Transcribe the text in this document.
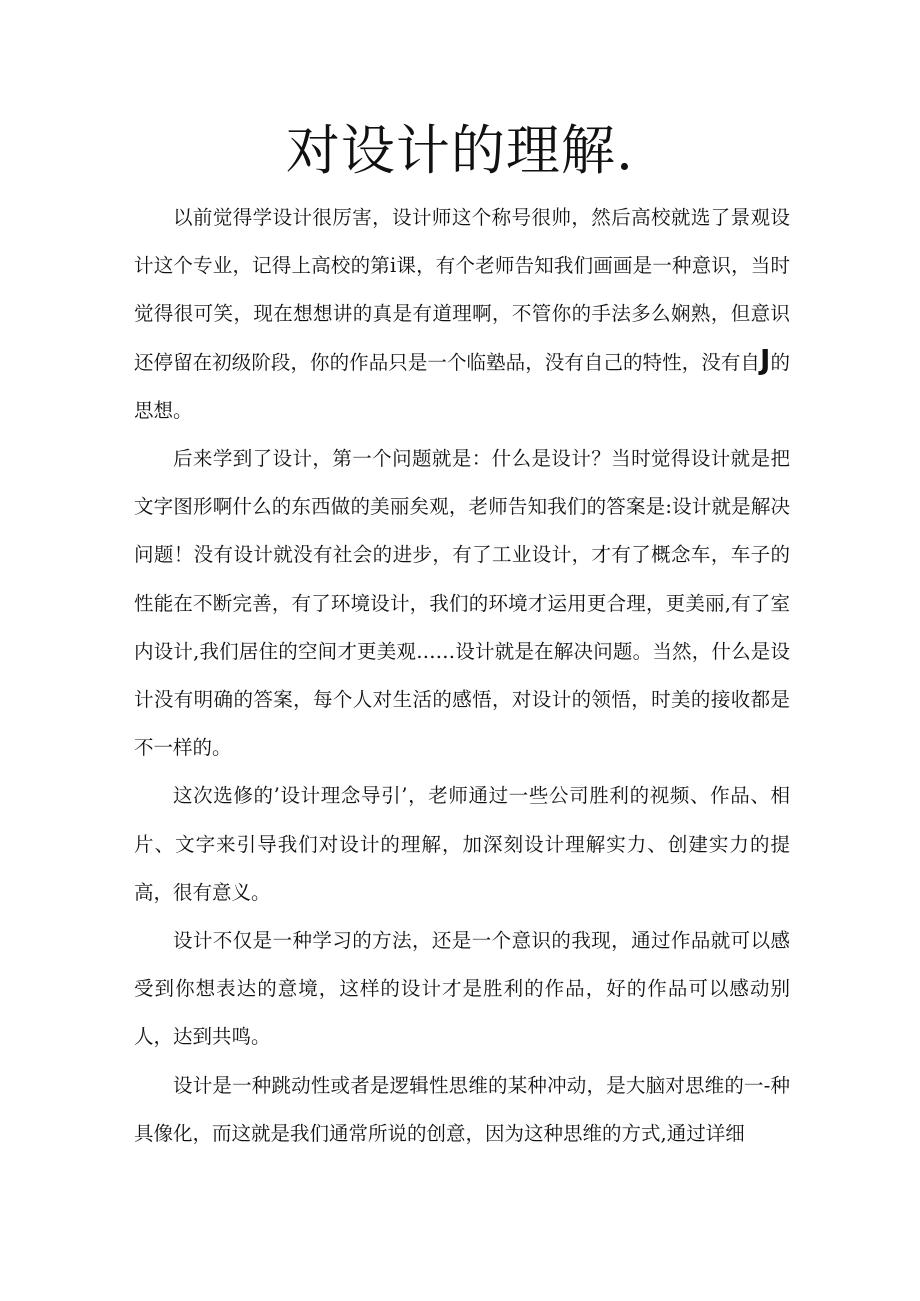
对设计的理解.

以前觉得学设计很厉害，设计师这个称号很帅，然后高校就选了景观设计这个专业，记得上高校的第i课，有个老师告知我们画画是一种意识，当时觉得很可笑，现在想想讲的真是有道理啊，不管你的手法多么娴熟，但意识还停留在初级阶段，你的作品只是一个临塾品，没有自己的特性，没有自J的思想。

后来学到了设计，第一个问题就是：什么是设计？当时觉得设计就是把文字图形啊什么的东西做的美丽矣观，老师告知我们的答案是:设计就是解决问题！没有设计就没有社会的进步，有了工业设计，才有了概念车，车子的性能在不断完善，有了环境设计，我们的环境才运用更合理，更美丽,有了室内设计,我们居住的空间才更美观……设计就是在解决问题。当然，什么是设计没有明确的答案，每个人对生活的感悟，对设计的领悟，时美的接收都是不一样的。

这次选修的’设计理念导引’，老师通过一些公司胜利的视频、作品、相片、文字来引导我们对设计的理解，加深刻设计理解实力、创建实力的提高，很有意义。

设计不仅是一种学习的方法，还是一个意识的我现，通过作品就可以感受到你想表达的意境，这样的设计才是胜利的作品，好的作品可以感动别人，达到共鸣。

设计是一种跳动性或者是逻辑性思维的某种冲动，是大脑对思维的一-种具像化，而这就是我们通常所说的创意，因为这种思维的方式,通过详细
